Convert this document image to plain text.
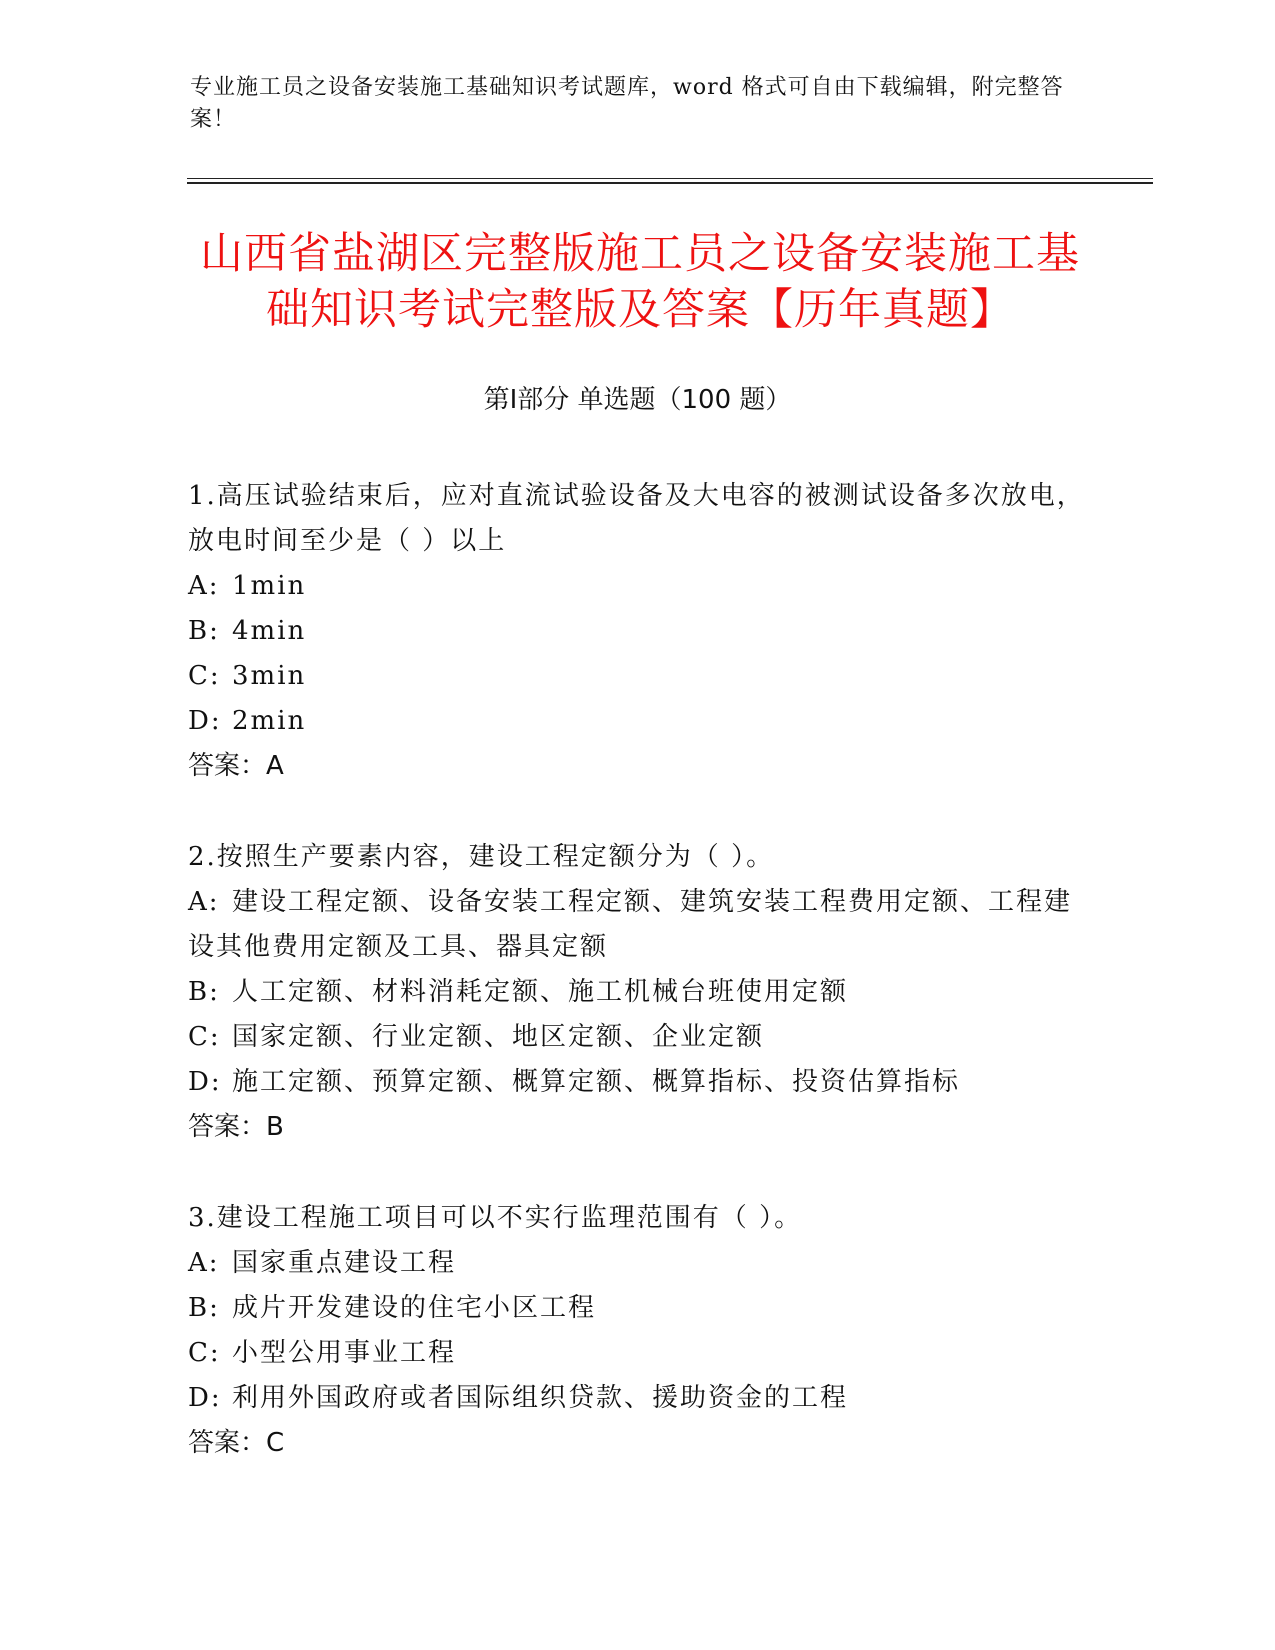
专业施工员之设备安装施工基础知识考试题库，word 格式可自由下载编辑，附完整答案！
山西省盐湖区完整版施工员之设备安装施工基础知识考试完整版及答案【历年真题】
第Ⅰ部分 单选题（100 题）
1.高压试验结束后，应对直流试验设备及大电容的被测试设备多次放电，放电时间至少是（ ）以上
A: 1min
B: 4min
C: 3min
D: 2min
答案：A
2.按照生产要素内容，建设工程定额分为（ ）。
A: 建设工程定额、设备安装工程定额、建筑安装工程费用定额、工程建设其他费用定额及工具、器具定额
B: 人工定额、材料消耗定额、施工机械台班使用定额
C: 国家定额、行业定额、地区定额、企业定额
D: 施工定额、预算定额、概算定额、概算指标、投资估算指标
答案：B
3.建设工程施工项目可以不实行监理范围有（ ）。
A: 国家重点建设工程
B: 成片开发建设的住宅小区工程
C: 小型公用事业工程
D: 利用外国政府或者国际组织贷款、援助资金的工程
答案：C
